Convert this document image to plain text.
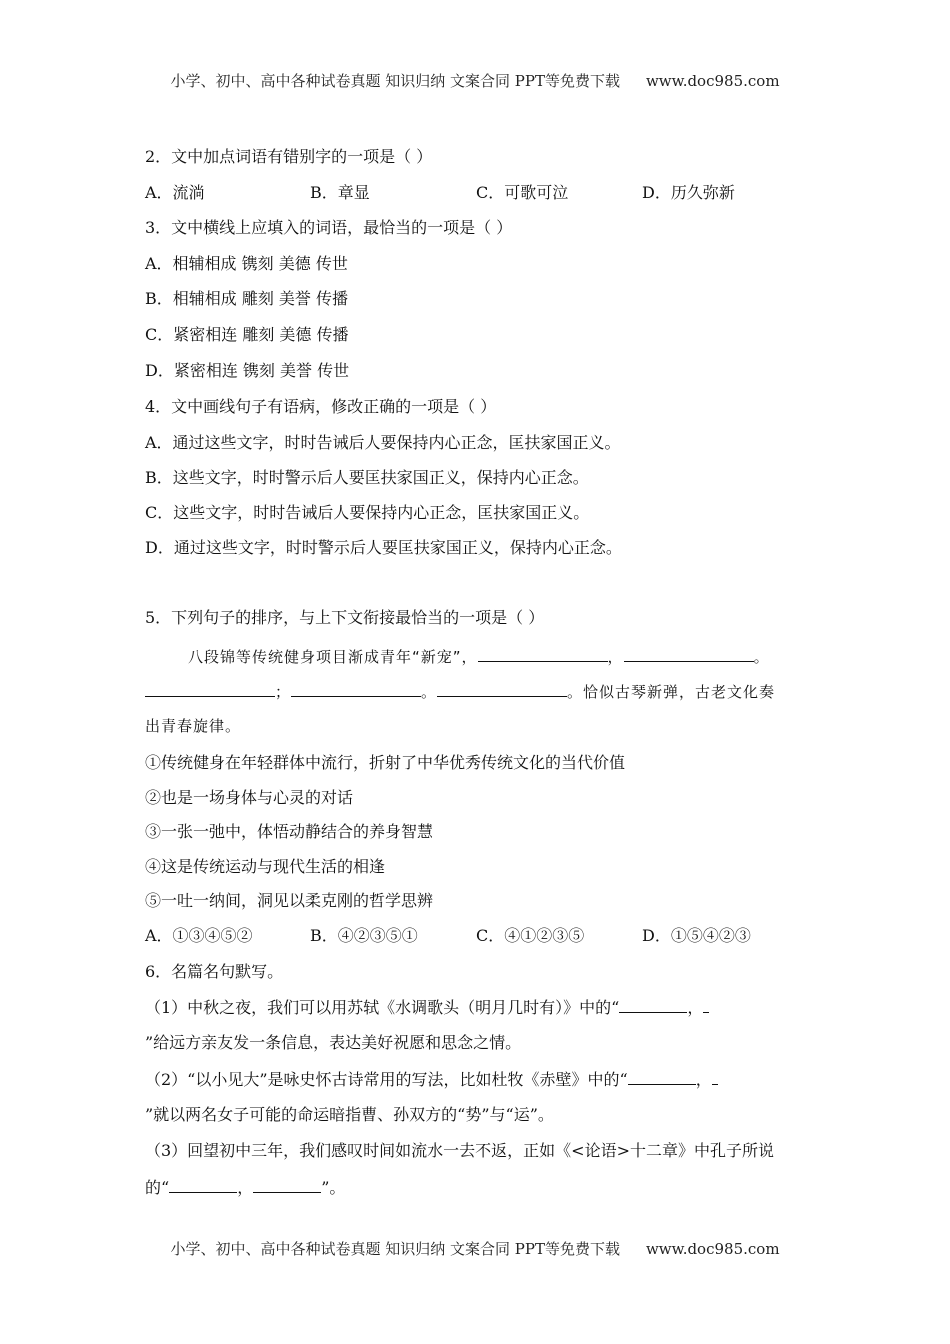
小学、初中、高中各种试卷真题 知识归纳 文案合同 PPT等免费下载 www.doc985.com
2．文中加点词语有错别字的一项是（ ）
A．流淌	B．章显	C．可歌可泣	D．历久弥新
3．文中横线上应填入的词语，最恰当的一项是（ ）
A．相辅相成 镌刻 美德 传世
B．相辅相成 雕刻 美誉 传播
C．紧密相连 雕刻 美德 传播
D．紧密相连 镌刻 美誉 传世
4．文中画线句子有语病，修改正确的一项是（ ）
A．通过这些文字，时时告诫后人要保持内心正念，匡扶家国正义。
B．这些文字，时时警示后人要匡扶家国正义，保持内心正念。
C．这些文字，时时告诫后人要保持内心正念，匡扶家国正义。
D．通过这些文字，时时警示后人要匡扶家国正义，保持内心正念。
5．下列句子的排序，与上下文衔接最恰当的一项是（ ）
八段锦等传统健身项目渐成青年“新宠”，	，	。
；	。	。恰似古琴新弹，古老文化奏
出青春旋律。
①传统健身在年轻群体中流行，折射了中华优秀传统文化的当代价值
②也是一场身体与心灵的对话
③一张一弛中，体悟动静结合的养身智慧
④这是传统运动与现代生活的相逢
⑤一吐一纳间，洞见以柔克刚的哲学思辨
A．①③④⑤②	B．④②③⑤①	C．④①②③⑤	D．①⑤④②③
6．名篇名句默写。
（1）中秋之夜，我们可以用苏轼《水调歌头（明月几时有）》中的“	，
”给远方亲友发一条信息，表达美好祝愿和思念之情。
（2）“以小见大”是咏史怀古诗常用的写法，比如杜牧《赤壁》中的“	，
”就以两名女子可能的命运暗指曹、孙双方的“势”与“运”。
（3）回望初中三年，我们感叹时间如流水一去不返，正如《<论语>十二章》中孔子所说
的“	，	”。
小学、初中、高中各种试卷真题 知识归纳 文案合同 PPT等免费下载 www.doc985.com
